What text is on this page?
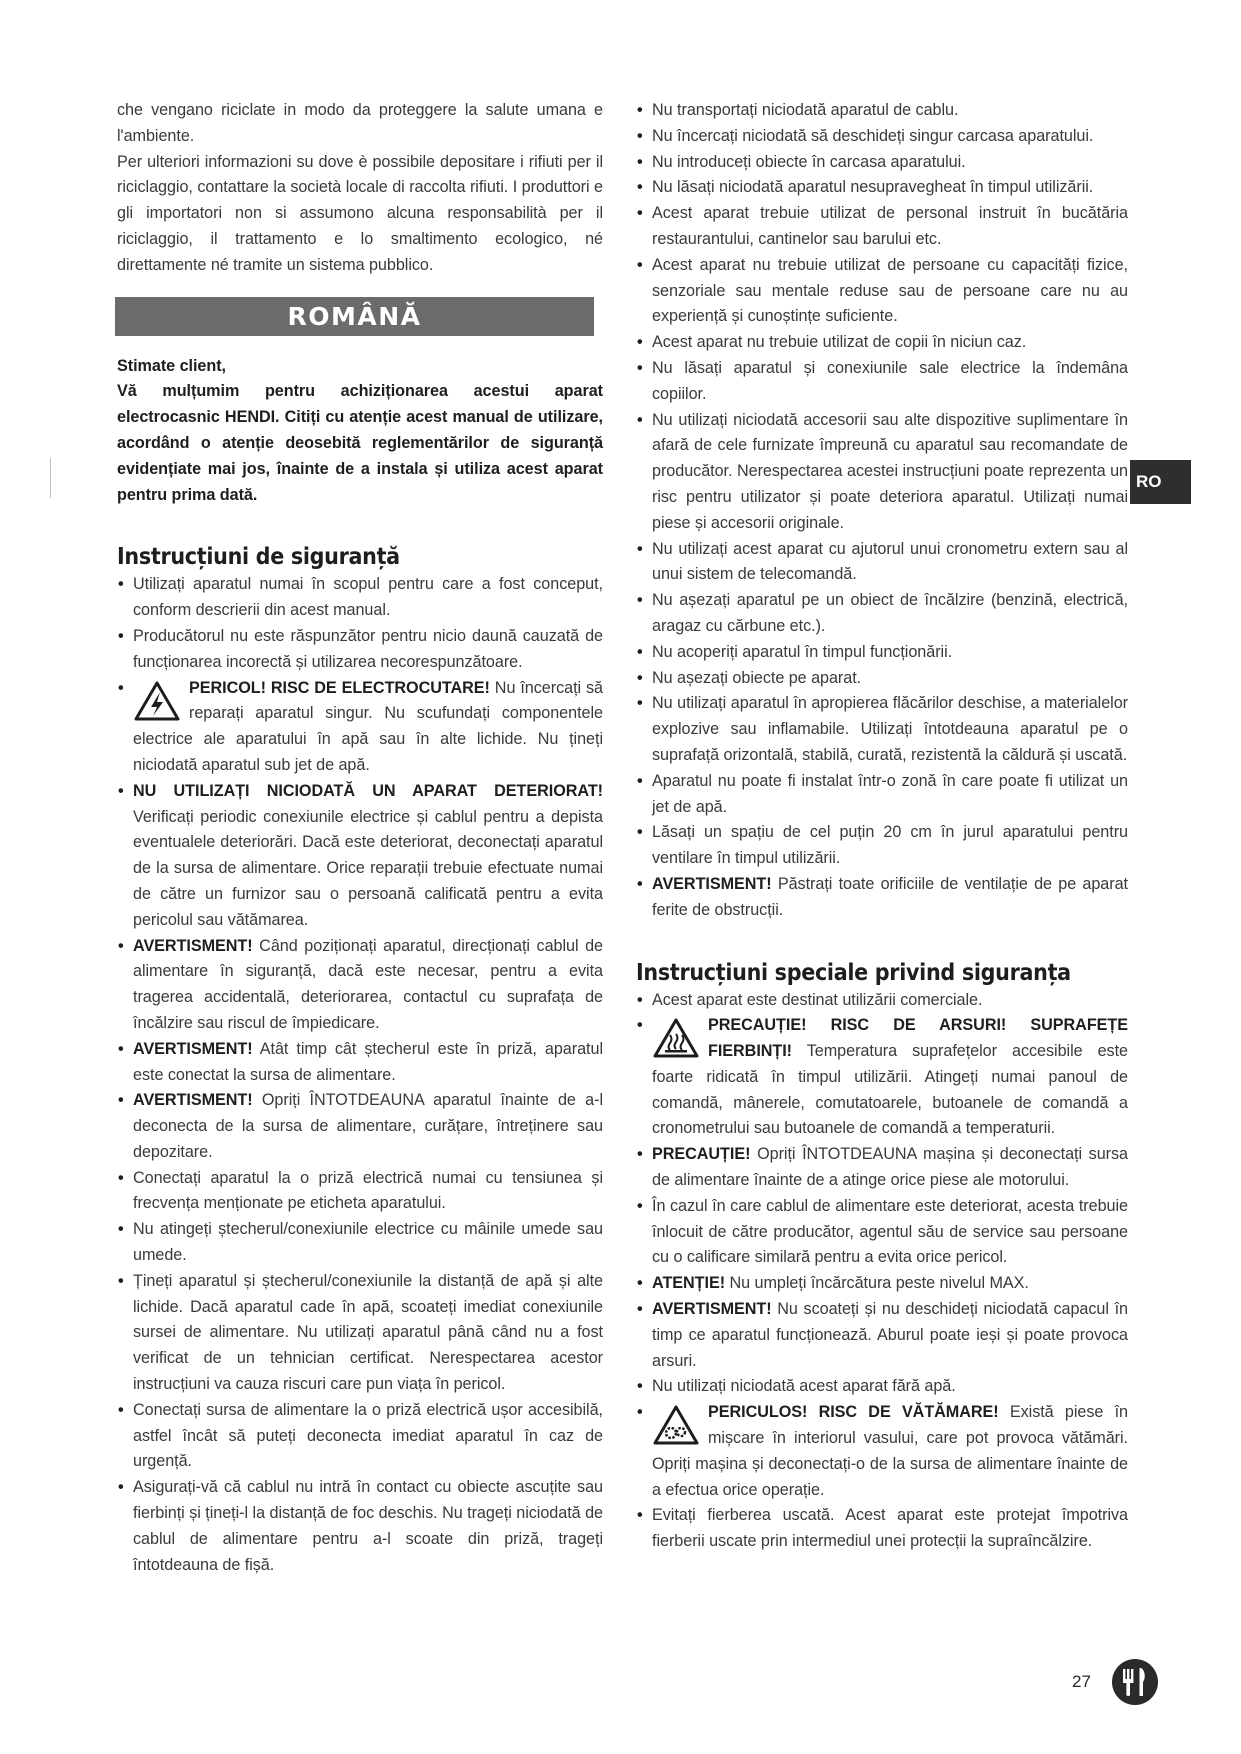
che vengano riciclate in modo da proteggere la salute umana e l'ambiente.

Per ulteriori informazioni su dove è possibile depositare i rifiuti per il riciclaggio, contattare la società locale di raccolta rifiuti. I produttori e gli importatori non si assumono alcuna responsabilità per il riciclaggio, il trattamento e lo smaltimento ecologico, né direttamente né tramite un sistema pubblico.

ROMÂNĂ
Stimate client,
Vă mulțumim pentru achiziționarea acestui aparat electrocasnic HENDI. Citiți cu atenție acest manual de utilizare, acordând o atenție deosebită reglementărilor de siguranță evidențiate mai jos, înainte de a instala și utiliza acest aparat pentru prima dată.
Instrucțiuni de siguranță
• Utilizați aparatul numai în scopul pentru care a fost conceput, conform descrierii din acest manual.
• Producătorul nu este răspunzător pentru nicio daună cauzată de funcționarea incorectă și utilizarea necorespunzătoare.
• PERICOL! RISC DE ELECTROCUTARE! Nu încercați să reparați aparatul singur. Nu scufundați componentele electrice ale aparatului în apă sau în alte lichide. Nu țineți niciodată aparatul sub jet de apă.
• NU UTILIZAȚI NICIODATĂ UN APARAT DETERIORAT! Verificați periodic conexiunile electrice și cablul pentru a depista eventualele deteriorări. Dacă este deteriorat, deconectați aparatul de la sursa de alimentare. Orice reparații trebuie efectuate numai de către un furnizor sau o persoană calificată pentru a evita pericolul sau vătămarea.
• AVERTISMENT! Când poziționați aparatul, direcționați cablul de alimentare în siguranță, dacă este necesar, pentru a evita tragerea accidentală, deteriorarea, contactul cu suprafața de încălzire sau riscul de împiedicare.
• AVERTISMENT! Atât timp cât ștecherul este în priză, aparatul este conectat la sursa de alimentare.
• AVERTISMENT! Opriți ÎNTOTDEAUNA aparatul înainte de a-l deconecta de la sursa de alimentare, curățare, întreținere sau depozitare.
• Conectați aparatul la o priză electrică numai cu tensiunea și frecvența menționate pe eticheta aparatului.
• Nu atingeți ștecherul/conexiunile electrice cu mâinile umede sau umede.
• Țineți aparatul și ștecherul/conexiunile la distanță de apă și alte lichide. Dacă aparatul cade în apă, scoateți imediat conexiunile sursei de alimentare. Nu utilizați aparatul până când nu a fost verificat de un tehnician certificat. Nerespectarea acestor instrucțiuni va cauza riscuri care pun viața în pericol.
• Conectați sursa de alimentare la o priză electrică ușor accesibilă, astfel încât să puteți deconecta imediat aparatul în caz de urgență.
• Asigurați-vă că cablul nu intră în contact cu obiecte ascuțite sau fierbinți și țineți-l la distanță de foc deschis. Nu trageți niciodată de cablul de alimentare pentru a-l scoate din priză, trageți întotdeauna de fișă.
• Nu transportați niciodată aparatul de cablu.
• Nu încercați niciodată să deschideți singur carcasa aparatului.
• Nu introduceți obiecte în carcasa aparatului.
• Nu lăsați niciodată aparatul nesupravegheat în timpul utilizării.
• Acest aparat trebuie utilizat de personal instruit în bucătăria restaurantului, cantinelor sau barului etc.
• Acest aparat nu trebuie utilizat de persoane cu capacități fizice, senzoriale sau mentale reduse sau de persoane care nu au experiență și cunoștințe suficiente.
• Acest aparat nu trebuie utilizat de copii în niciun caz.
• Nu lăsați aparatul și conexiunile sale electrice la îndemâna copiilor.
• Nu utilizați niciodată accesorii sau alte dispozitive suplimentare în afară de cele furnizate împreună cu aparatul sau recomandate de producător. Nerespectarea acestei instrucțiuni poate reprezenta un risc pentru utilizator și poate deteriora aparatul. Utilizați numai piese și accesorii originale.
• Nu utilizați acest aparat cu ajutorul unui cronometru extern sau al unui sistem de telecomandă.
• Nu așezați aparatul pe un obiect de încălzire (benzină, electrică, aragaz cu cărbune etc.).
• Nu acoperiți aparatul în timpul funcționării.
• Nu așezați obiecte pe aparat.
• Nu utilizați aparatul în apropierea flăcărilor deschise, a materialelor explozive sau inflamabile. Utilizați întotdeauna aparatul pe o suprafață orizontală, stabilă, curată, rezistentă la căldură și uscată.
• Aparatul nu poate fi instalat într-o zonă în care poate fi utilizat un jet de apă.
• Lăsați un spațiu de cel puțin 20 cm în jurul aparatului pentru ventilare în timpul utilizării.
• AVERTISMENT! Păstrați toate orificiile de ventilație de pe aparat ferite de obstrucții.
Instrucțiuni speciale privind siguranța
• Acest aparat este destinat utilizării comerciale.
• PRECAUȚIE! RISC DE ARSURI! SUPRAFEȚE FIERBINȚI! Temperatura suprafețelor accesibile este foarte ridicată în timpul utilizării. Atingeți numai panoul de comandă, mânerele, comutatoarele, butoanele de comandă a cronometrului sau butoanele de comandă a temperaturii.
• PRECAUȚIE! Opriți ÎNTOTDEAUNA mașina și deconectați sursa de alimentare înainte de a atinge orice piese ale motorului.
• În cazul în care cablul de alimentare este deteriorat, acesta trebuie înlocuit de către producător, agentul său de service sau persoane cu o calificare similară pentru a evita orice pericol.
• ATENȚIE! Nu umpleți încărcătura peste nivelul MAX.
• AVERTISMENT! Nu scoateți și nu deschideți niciodată capacul în timp ce aparatul funcționează. Aburul poate ieși și poate provoca arsuri.
• Nu utilizați niciodată acest aparat fără apă.
• PERICULOS! RISC DE VĂTĂMARE! Există piese în mișcare în interiorul vasului, care pot provoca vătămări. Opriți mașina și deconectați-o de la sursa de alimentare înainte de a efectua orice operație.
• Evitați fierberea uscată. Acest aparat este protejat împotriva fierberii uscate prin intermediul unei protecții la supraîncălzire.
RO
27
